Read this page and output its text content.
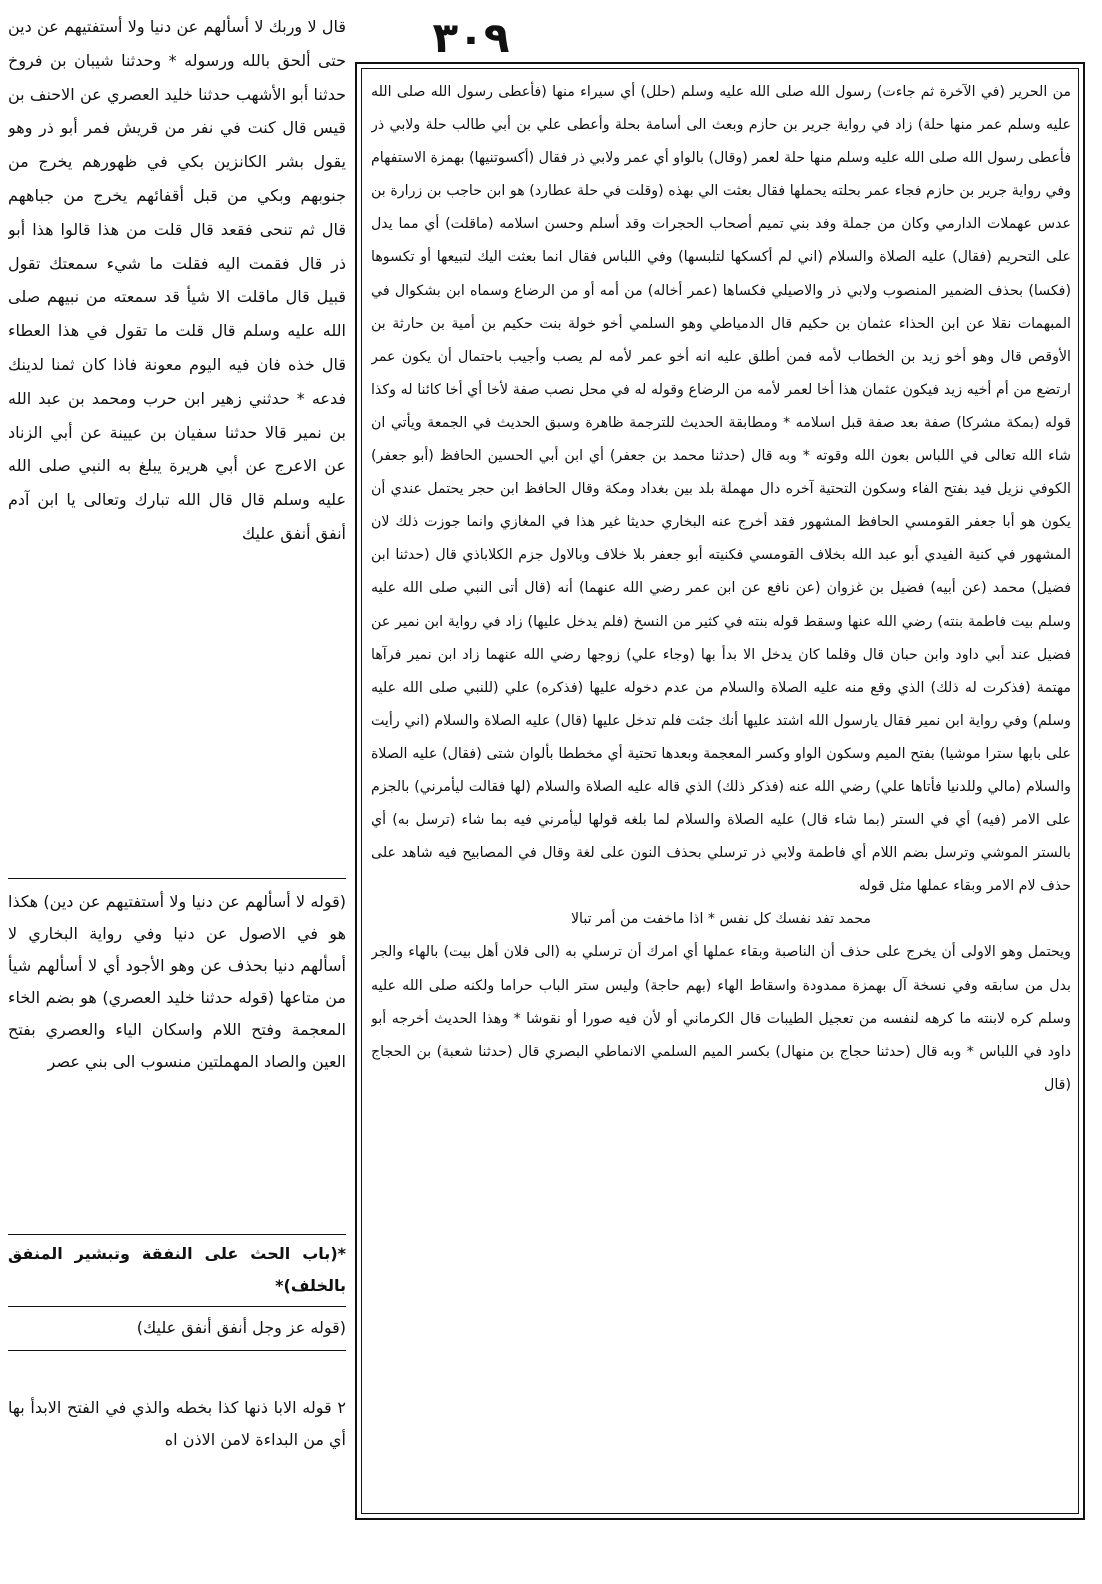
٣٠٩

من الحرير (في الآخرة ثم جاءت) رسول الله صلى الله عليه وسلم (حلل) أي سيراء منها (فأعطى رسول الله صلى الله عليه وسلم عمر منها حلة) زاد في رواية جرير بن حازم وبعث الى أسامة بحلة وأعطى علي بن أبي طالب حلة ولابي ذر فأعطى رسول الله صلى الله عليه وسلم منها حلة لعمر (وقال) بالواو أي عمر ولابي ذر فقال (أكسوتنيها) بهمزة الاستفهام وفي رواية جرير بن حازم فجاء عمر بحلته يحملها فقال بعثت الي بهذه (وقلت في حلة عطارد) هو ابن حاجب بن زرارة بن عدس عهملات الدارمي وكان من جملة وفد بني تميم أصحاب الحجرات وقد أسلم وحسن اسلامه (ماقلت) أي مما يدل على التحريم (فقال) عليه الصلاة والسلام (اني لم أكسكها لتلبسها) وفي اللباس فقال انما بعثت اليك لتبيعها أو تكسوها (فكسا) بحذف الضمير المنصوب ولابي ذر والاصيلي فكساها (عمر أخاله) من أمه أو من الرضاع وسماه ابن بشكوال في المبهمات نقلا عن ابن الحذاء عثمان بن حكيم قال الدمياطي وهو السلمي أخو خولة بنت حكيم بن أمية بن حارثة بن الأوقص قال وهو أخو زيد بن الخطاب لأمه فمن أطلق عليه انه أخو عمر لأمه لم يصب وأجيب باحتمال أن يكون عمر ارتضع من أم أخيه زيد فيكون عثمان هذا أخا لعمر لأمه من الرضاع وقوله له في محل نصب صفة لأخا أي أخا كائنا له وكذا قوله (بمكة مشركا) صفة بعد صفة قبل اسلامه * ومطابقة الحديث للترجمة ظاهرة وسبق الحديث في الجمعة ويأتي ان شاء الله تعالى في اللباس بعون الله وقوته * وبه قال (حدثنا محمد بن جعفر) أي ابن أبي الحسين الحافظ (أبو جعفر) الكوفي نزيل فيد بفتح الفاء وسكون التحتية آخره دال مهملة بلد بين بغداد ومكة وقال الحافظ ابن حجر يحتمل عندي أن يكون هو أبا جعفر القومسي الحافظ المشهور فقد أخرج عنه البخاري حديثا غير هذا في المغازي وانما جوزت ذلك لان المشهور في كنية الفيدي أبو عبد الله بخلاف القومسي فكنيته أبو جعفر بلا خلاف وبالاول جزم الكلاباذي قال (حدثنا ابن فضيل) محمد (عن أبيه) فضيل بن غزوان (عن نافع عن ابن عمر رضي الله عنهما) أنه (قال أتى النبي صلى الله عليه وسلم بيت فاطمة بنته) رضي الله عنها وسقط قوله بنته في كثير من النسخ (فلم يدخل عليها) زاد في رواية ابن نمير عن فضيل عند أبي داود وابن حبان قال وقلما كان يدخل الا بدأ بها (وجاء علي) زوجها رضي الله عنهما زاد ابن نمير فرآها مهتمة (فذكرت له ذلك) الذي وقع منه عليه الصلاة والسلام من عدم دخوله عليها (فذكره) علي (للنبي صلى الله عليه وسلم) وفي رواية ابن نمير فقال يارسول الله اشتد عليها أنك جئت فلم تدخل عليها (قال) عليه الصلاة والسلام (اني رأيت على بابها سترا موشيا) بفتح الميم وسكون الواو وكسر المعجمة وبعدها تحتية أي مخططا بألوان شتى (فقال) عليه الصلاة والسلام (مالي وللدنيا فأتاها علي) رضي الله عنه (فذكر ذلك) الذي قاله عليه الصلاة والسلام (لها فقالت ليأمرني) بالجزم على الامر (فيه) أي في الستر (بما شاء قال) عليه الصلاة والسلام لما بلغه قولها ليأمرني فيه بما شاء (ترسل به) أي بالستر الموشي وترسل بضم اللام أي فاطمة ولابي ذر ترسلي بحذف النون على لغة وقال في المصابيح فيه شاهد على حذف لام الامر وبقاء عملها مثل قوله

محمد تفد نفسك كل نفس * اذا ماخفت من أمر تبالا

ويحتمل وهو الاولى أن يخرج على حذف أن الناصبة وبقاء عملها أي امرك أن ترسلي به (الى فلان أهل بيت) بالهاء والجر بدل من سابقه وفي نسخة آل بهمزة ممدودة واسقاط الهاء (بهم حاجة) وليس ستر الباب حراما ولكنه صلى الله عليه وسلم كره لابنته ما كرهه لنفسه من تعجيل الطيبات قال الكرماني أو لأن فيه صورا أو نقوشا * وهذا الحديث أخرجه أبو داود في اللباس * وبه قال (حدثنا حجاج بن منهال) بكسر الميم السلمي الانماطي البصري قال (حدثنا شعبة) بن الحجاج (قال

قال لا وربك لا أسألهم عن دنيا ولا أستفتيهم عن دين حتى ألحق بالله ورسوله * وحدثنا شيبان بن فروخ حدثنا أبو الأشهب حدثنا خليد العصري عن الاحنف بن قيس قال كنت في نفر من قريش فمر أبو ذر وهو يقول بشر الكانزين بكي في ظهورهم يخرج من جنوبهم وبكي من قبل أقفائهم يخرج من جباههم قال ثم تنحى فقعد قال قلت من هذا قالوا هذا أبو ذر قال فقمت اليه فقلت ما شيء سمعتك تقول قبيل قال ماقلت الا شيأ قد سمعته من نبيهم صلى الله عليه وسلم قال قلت ما تقول في هذا العطاء قال خذه فان فيه اليوم معونة فاذا كان ثمنا لدينك فدعه * حدثني زهير ابن حرب ومحمد بن عبد الله بن نمير قالا حدثنا سفيان بن عيينة عن أبي الزناد عن الاعرج عن أبي هريرة يبلغ به النبي صلى الله عليه وسلم قال قال الله تبارك وتعالى يا ابن آدم أنفق أنفق عليك

(قوله لا أسألهم عن دنيا ولا أستفتيهم عن دين) هكذا هو في الاصول عن دنيا وفي رواية البخاري لا أسألهم دنيا بحذف عن وهو الأجود أي لا أسألهم شيأ من متاعها (قوله حدثنا خليد العصري) هو بضم الخاء المعجمة وفتح اللام واسكان الياء والعصري بفتح العين والصاد المهملتين منسوب الى بني عصر
*(باب الحث على النفقة وتبشير المنفق بالخلف)*
(قوله عز وجل أنفق أنفق عليك)
٢ قوله الابا ذنها كذا بخطه والذي في الفتح الابدأ بها أي من البداءة لامن الاذن اه
